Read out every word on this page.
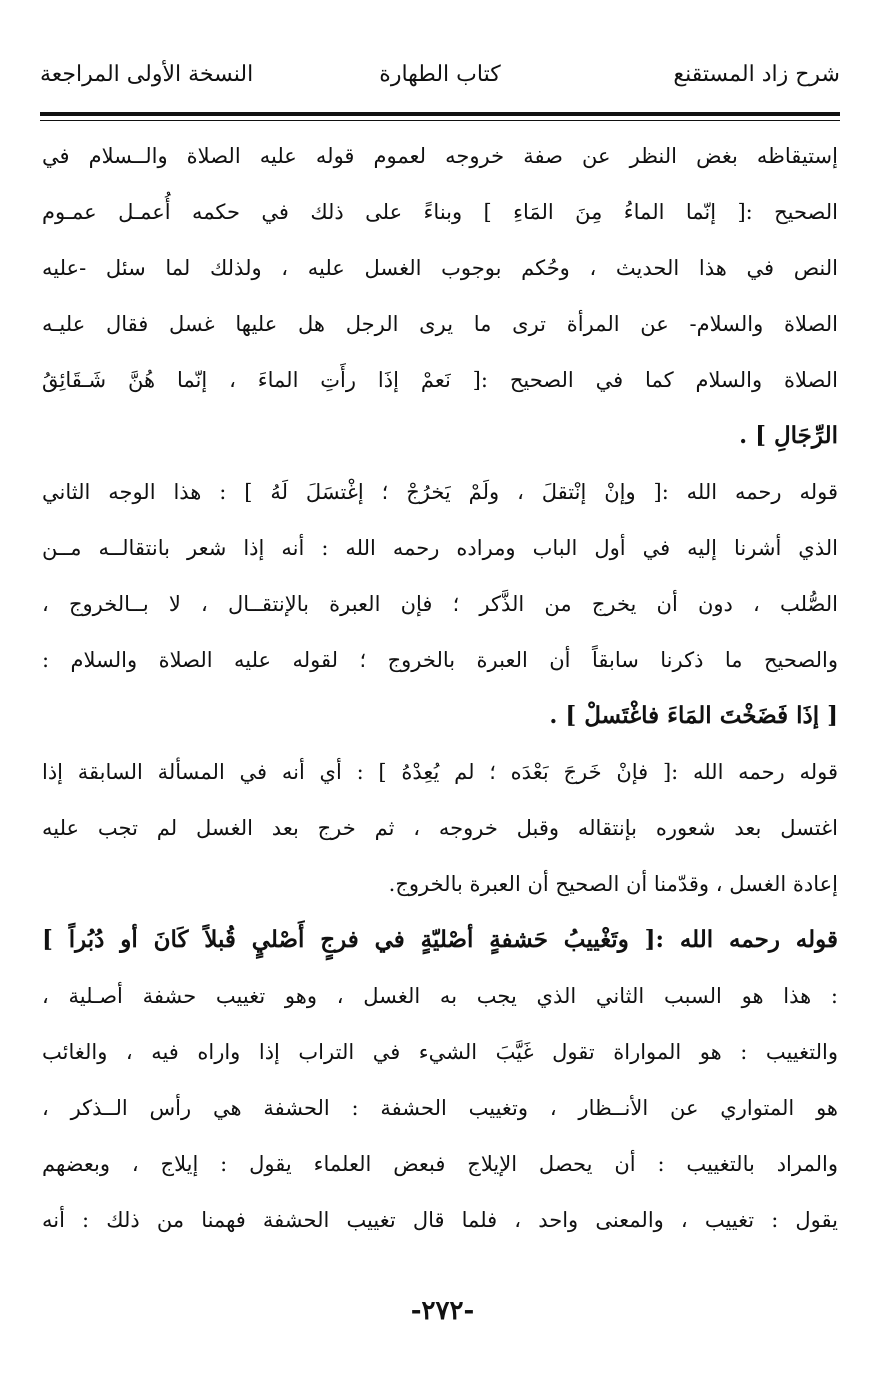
شرح زاد المستقنع
كتاب الطهارة
النسخة الأولى المراجعة
إستيقاظه بغض النظر عن صفة خروجه لعموم قوله عليه الصلاة والــسلام في
الصحيح :[ إنّما الماءُ مِنَ المَاءِ ] وبناءً على ذلك في حكمه أُعمـل عمـوم
النص في هذا الحديث ، وحُكم بوجوب الغسل عليه ، ولذلك لما سئل -عليه
الصلاة والسلام- عن المرأة ترى ما يرى الرجل هل عليها غسل فقال عليـه
الصلاة والسلام كما في الصحيح :[ نَعمْ إذَا رأَتِ الماءَ ، إنّما هُنَّ شَـقَائِقُ
الرِّجَالِ ] .
قوله رحمه الله :[ وإنْ إنْتقلَ ، ولَمْ يَخرُجْ ؛ إغْتسَلَ لَهُ ] : هذا الوجه الثاني
الذي أشرنا إليه في أول الباب ومراده رحمه الله : أنه إذا شعر بانتقالــه مــن
الصُّلب ، دون أن يخرج من الذَّكر ؛ فإن العبرة بالإنتقــال ، لا بــالخروج ،
والصحيح ما ذكرنا سابقاً أن العبرة بالخروج ؛ لقوله عليه الصلاة والسلام :
[ إذَا فَضَخْتَ المَاءَ فاغْتَسلْ ] .
قوله رحمه الله :[ فإنْ خَرجَ بَعْدَه ؛ لم يُعِدْهُ ] : أي أنه في المسألة السابقة إذا
اغتسل بعد شعوره بإنتقاله وقبل خروجه ، ثم خرج بعد الغسل لم تجب عليه
إعادة الغسل ، وقدّمنا أن الصحيح أن العبرة بالخروج.
قوله رحمه الله :[ وتَغْييبُ حَشفةٍ أصْليّةٍ في فرجٍ أَصْليٍ قُبلاً كَانَ أو دُبُراً ]
: هذا هو السبب الثاني الذي يجب به الغسل ، وهو تغييب حشفة أصـلية ،
والتغييب : هو المواراة تقول غَيَّبَ الشيء في التراب إذا واراه فيه ، والغائب
هو المتواري عن الأنــظار ، وتغييب الحشفة : الحشفة هي رأس الــذكر ،
والمراد بالتغييب : أن يحصل الإيلاج فبعض العلماء يقول : إيلاج ، وبعضهم
يقول : تغييب ، والمعنى واحد ، فلما قال تغييب الحشفة فهمنا من ذلك : أنه
-٢٧٢-
